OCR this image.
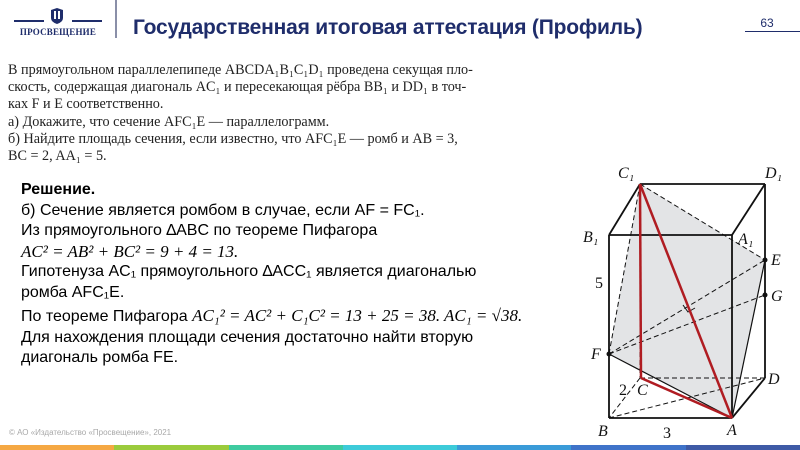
ПРОСВЕЩЕНИЕ Государственная итоговая аттестация (Профиль)	63
В прямоугольном параллелепипеде ABCDA₁B₁C₁D₁ проведена секущая пло-
скость, содержащая диагональ AC₁ и пересекающая рёбра BB₁ и DD₁ в точ-
ках F и E соответственно.
а) Докажите, что сечение AFC₁E — параллелограмм.
б) Найдите площадь сечения, если известно, что AFC₁E — ромб и AB = 3,
BC = 2, AA₁ = 5.
Решение.
б) Сечение является ромбом в случае, если AF = FC₁.
Из прямоугольного ∆ABC по теореме Пифагора
AC² = AB² + BC² = 9 + 4 = 13.
Гипотенуза AC₁ прямоугольного ∆ACC₁ является диагональю
ромба AFC₁E.
По теореме Пифагора AC₁² = AC² + C₁C² = 13 + 25 = 38. AC₁ = √38.
Для нахождения площади сечения достаточно найти вторую
диагональ ромба FE.
C₁	D₁
B₁	A₁
E
G
F
C
D
B	A
5
2
3
© АО «Издательство «Просвещение», 2021
